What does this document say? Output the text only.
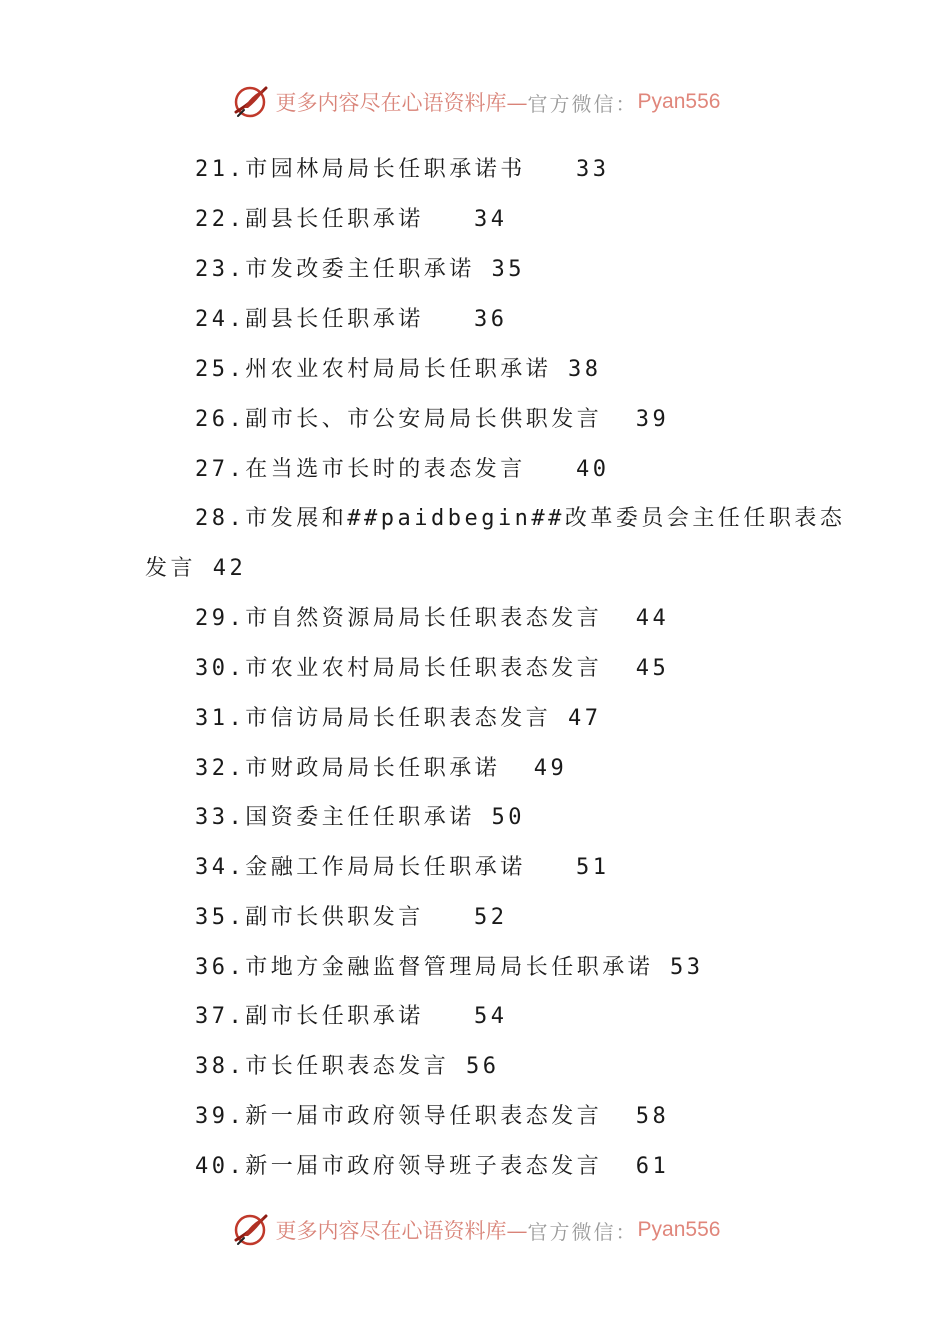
更多内容尽在心语资料库— 官方微信： Pyan556
21.市园林局局长任职承诺书   33
22.副县长任职承诺   34
23.市发改委主任职承诺 35
24.副县长任职承诺   36
25.州农业农村局局长任职承诺 38
26.副市长、市公安局局长供职发言  39
27.在当选市长时的表态发言   40
28.市发展和##paidbegin##改革委员会主任任职表态
发言 42
29.市自然资源局局长任职表态发言  44
30.市农业农村局局长任职表态发言  45
31.市信访局局长任职表态发言 47
32.市财政局局长任职承诺  49
33.国资委主任任职承诺 50
34.金融工作局局长任职承诺   51
35.副市长供职发言   52
36.市地方金融监督管理局局长任职承诺 53
37.副市长任职承诺   54
38.市长任职表态发言 56
39.新一届市政府领导任职表态发言  58
40.新一届市政府领导班子表态发言  61
更多内容尽在心语资料库— 官方微信： Pyan556
